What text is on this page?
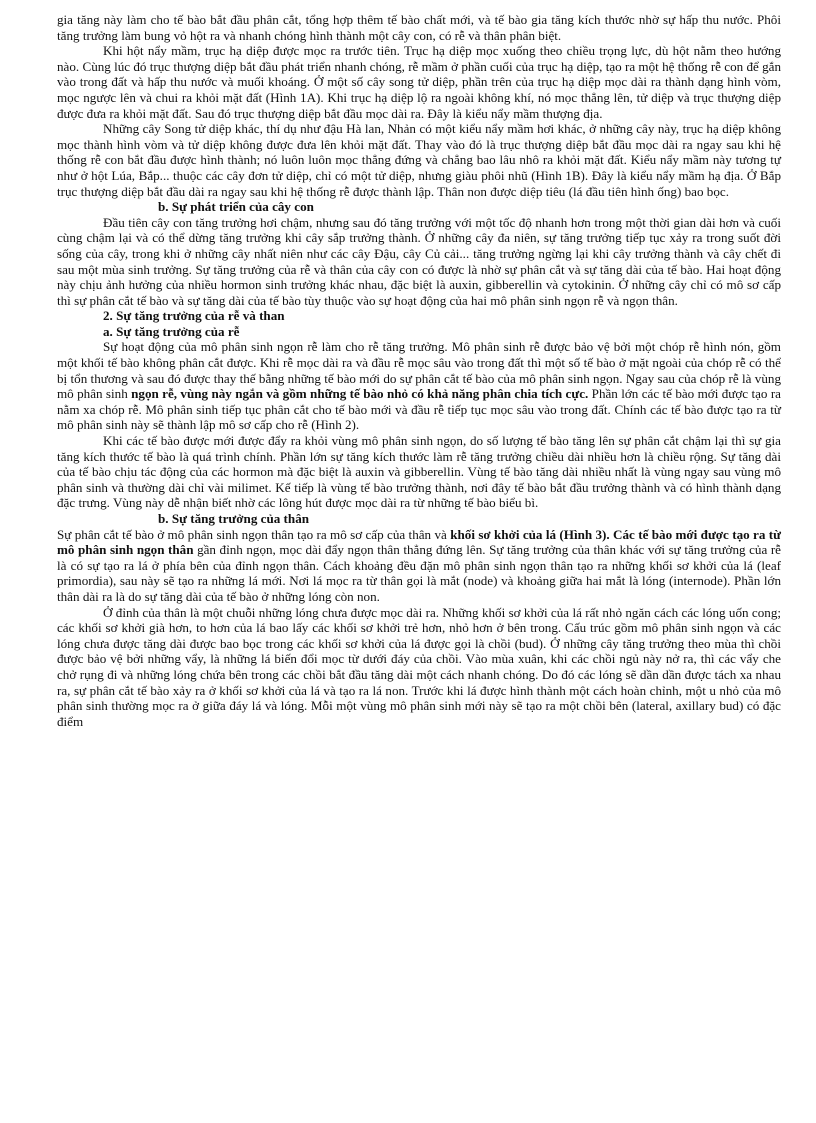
gia tăng này làm cho tế bào bắt đầu phân cắt, tổng hợp thêm tế bào chất mới, và tế bào gia tăng kích thước nhờ sự hấp thu nước. Phôi tăng trưởng làm bung vỏ hột ra và nhanh chóng hình thành một cây con, có rễ và thân phân biệt.

Khi hột nẩy mầm, trục hạ diệp được mọc ra trước tiên. Trục hạ diệp mọc xuống theo chiều trọng lực, dù hột nằm theo hướng nào. Cùng lúc đó trục thượng diệp bắt đầu phát triển nhanh chóng, rễ mầm ở phần cuối của trục hạ diệp, tạo ra một hệ thống rễ con để gắn vào trong đất và hấp thu nước và muối khoáng. Ở một số cây song tử diệp, phần trên của trục hạ diệp mọc dài ra thành dạng hình vòm, mọc ngược lên và chui ra khỏi mặt đất (Hình 1A). Khi trục hạ diệp lộ ra ngoài không khí, nó mọc thẳng lên, tử diệp và trục thượng diệp được đưa ra khỏi mặt đất. Sau đó trục thượng diệp bắt đầu mọc dài ra. Đây là kiểu nẩy mầm thượng địa.

Những cây Song tử diệp khác, thí dụ như đậu Hà lan, Nhản có một kiểu nẩy mầm hơi khác, ở những cây này, trục hạ diệp không mọc thành hình vòm và tử diệp không được đưa lên khỏi mặt đất. Thay vào đó là trục thượng diệp bắt đầu mọc dài ra ngay sau khi hệ thống rễ con bắt đầu được hình thành; nó luôn luôn mọc thẳng đứng và chẳng bao lâu nhô ra khỏi mặt đất. Kiểu nẩy mầm này tương tự như ở hột Lúa, Bắp... thuộc các cây đơn tử diệp, chỉ có một tử diệp, nhưng giàu phôi nhũ (Hình 1B). Đây là kiểu nẩy mầm hạ địa. Ở Bắp trục thượng diệp bắt đầu dài ra ngay sau khi hệ thống rễ được thành lập. Thân non được diệp tiêu (lá đầu tiên hình ống) bao bọc.

b. Sự phát triển của cây con

Đầu tiên cây con tăng trưởng hơi chậm, nhưng sau đó tăng trưởng với một tốc độ nhanh hơn trong một thời gian dài hơn và cuối cùng chậm lại và có thể dừng tăng trưởng khi cây sắp trưởng thành. Ở những cây đa niên, sự tăng trưởng tiếp tục xảy ra trong suốt đời sống của cây, trong khi ở những cây nhất niên như các cây Đậu, cây Củ cải... tăng trưởng ngừng lại khi cây trưởng thành và cây chết đi sau một mùa sinh trưởng. Sự tăng trưởng của rễ và thân của cây con có được là nhờ sự phân cắt và sự tăng dài của tế bào. Hai hoạt động này chịu ảnh hưởng của nhiều hormon sinh trưởng khác nhau, đặc biệt là auxin, gibberellin và cytokinin. Ở những cây chỉ có mô sơ cấp thì sự phân cắt tế bào và sự tăng dài của tế bào tùy thuộc vào sự hoạt động của hai mô phân sinh ngọn rễ và ngọn thân.

2. Sự tăng trưởng của rễ và than

a. Sự tăng trưởng của rễ

Sự hoạt động của mô phân sinh ngọn rễ làm cho rễ tăng trưởng. Mô phân sinh rễ được bảo vệ bởi một chóp rễ hình nón, gồm một khối tế bào không phân cắt được. Khi rễ mọc dài ra và đầu rễ mọc sâu vào trong đất thì một số tế bào ở mặt ngoài của chóp rễ có thể bị tổn thương và sau đó được thay thế bằng những tế bào mới do sự phân cắt tế bào của mô phân sinh ngọn. Ngay sau của chóp rễ là vùng mô phân sinh ngọn rễ, vùng này ngắn và gồm những tế bào nhỏ có khả năng phân chia tích cực. Phần lớn các tế bào mới được tạo ra nằm xa chóp rễ. Mô phân sinh tiếp tục phân cắt cho tế bào mới và đầu rễ tiếp tục mọc sâu vào trong đất. Chính các tế bào được tạo ra từ mô phân sinh này sẽ thành lập mô sơ cấp cho rễ (Hình 2).

Khi các tế bào được mới được đẩy ra khỏi vùng mô phân sinh ngọn, do số lượng tế bào tăng lên sự phân cắt chậm lại thì sự gia tăng kích thước tế bào là quá trình chính. Phần lớn sự tăng kích thước làm rễ tăng trưởng chiều dài nhiều hơn là chiều rộng. Sự tăng dài của tế bào chịu tác động của các hormon mà đặc biệt là auxin và gibberellin. Vùng tế bào tăng dài nhiều nhất là vùng ngay sau vùng mô phân sinh và thường dài chỉ vài milimet. Kế tiếp là vùng tế bào trưởng thành, nơi đây tế bào bắt đầu trưởng thành và có hình thành dạng đặc trưng. Vùng này dễ nhận biết nhờ các lông hút được mọc dài ra từ những tế bào biểu bì.

b. Sự tăng trưởng của thân

Sự phân cắt tế bào ở mô phân sinh ngọn thân tạo ra mô sơ cấp của thân và khối sơ khởi của lá (Hình 3). Các tế bào mới được tạo ra từ mô phân sinh ngọn thân gần đỉnh ngọn, mọc dài đẩy ngọn thân thẳng đứng lên. Sự tăng trưởng của thân khác với sự tăng trưởng của rễ là có sự tạo ra lá ở phía bên của đỉnh ngọn thân. Cách khoảng đều đặn mô phân sinh ngọn thân tạo ra những khối sơ khởi của lá (leaf primordia), sau này sẽ tạo ra những lá mới. Nơi lá mọc ra từ thân gọi là mắt (node) và khoảng giữa hai mắt là lóng (internode). Phần lớn thân dài ra là do sự tăng dài của tế bào ở những lóng còn non.

Ở đỉnh của thân là một chuỗi những lóng chưa được mọc dài ra. Những khối sơ khởi của lá rất nhỏ ngăn cách các lóng uốn cong; các khối sơ khởi già hơn, to hơn của lá bao lấy các khối sơ khởi trẻ hơn, nhỏ hơn ở bên trong. Cấu trúc gồm mô phân sinh ngọn và các lóng chưa được tăng dài được bao bọc trong các khối sơ khởi của lá được gọi là chồi (bud). Ở những cây tăng trưởng theo mùa thì chồi được bảo vệ bởi những vẩy, là những lá biến đổi mọc từ dưới đáy của chồi. Vào mùa xuân, khi các chồi ngủ này nở ra, thì các vẩy che chở rụng đi và những lóng chứa bên trong các chồi bắt đầu tăng dài một cách nhanh chóng. Do đó các lóng sẽ dần dần được tách xa nhau ra, sự phân cắt tế bào xảy ra ở khối sơ khởi của lá và tạo ra lá non. Trước khi lá được hình thành một cách hoàn chỉnh, một u nhỏ của mô phân sinh thường mọc ra ở giữa đáy lá và lóng. Mỗi một vùng mô phân sinh mới này sẽ tạo ra một chồi bên (lateral, axillary bud) có đặc điểm
